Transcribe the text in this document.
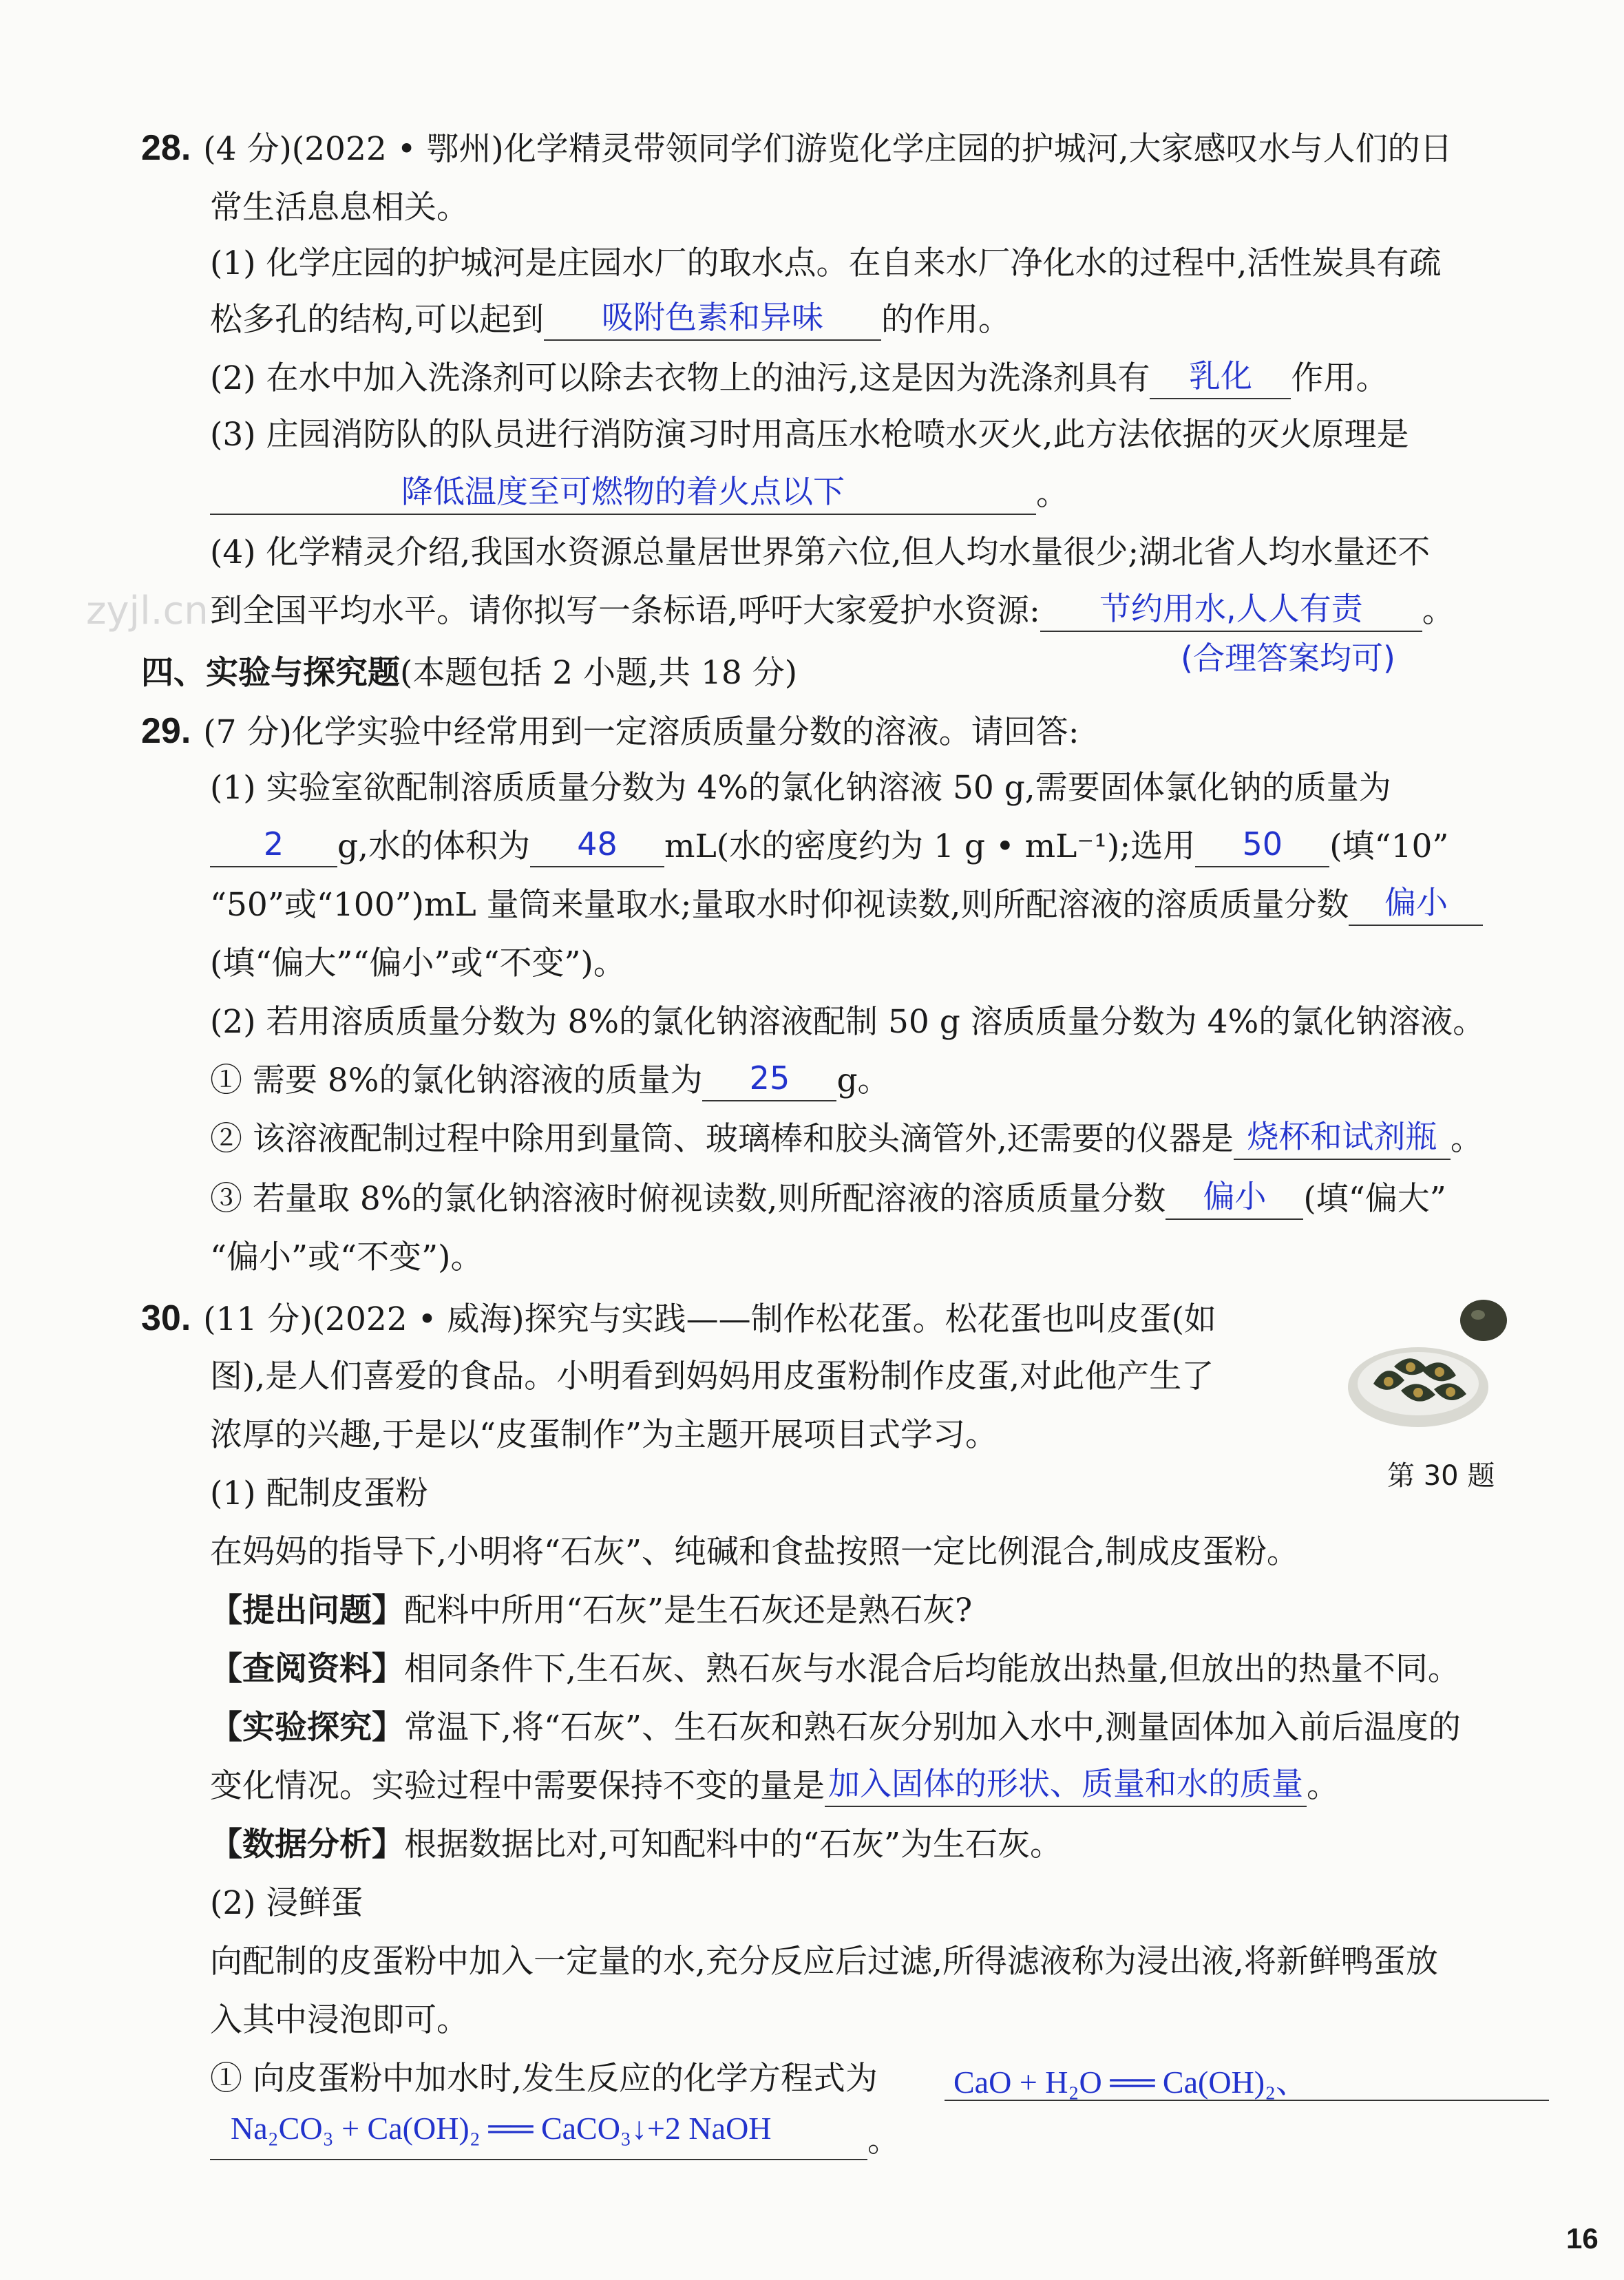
zyjl.cn
28. (4 分)(2022 • 鄂州)化学精灵带领同学们游览化学庄园的护城河,大家感叹水与人们的日
常生活息息相关。
(1) 化学庄园的护城河是庄园水厂的取水点。在自来水厂净化水的过程中,活性炭具有疏
松多孔的结构,可以起到	吸附色素和异味	的作用。
(2) 在水中加入洗涤剂可以除去衣物上的油污,这是因为洗涤剂具有	乳化	作用。
(3) 庄园消防队的队员进行消防演习时用高压水枪喷水灭火,此方法依据的灭火原理是
降低温度至可燃物的着火点以下	。
(4) 化学精灵介绍,我国水资源总量居世界第六位,但人均水量很少;湖北省人均水量还不
到全国平均水平。请你拟写一条标语,呼吁大家爱护水资源:	节约用水,人人有责	。
(合理答案均可)
四、实验与探究题(本题包括 2 小题,共 18 分)
29. (7 分)化学实验中经常用到一定溶质质量分数的溶液。请回答:
(1) 实验室欲配制溶质质量分数为 4%的氯化钠溶液 50 g,需要固体氯化钠的质量为
2	g,水的体积为	48	mL(水的密度约为 1 g • mL⁻¹);选用	50	(填“10”
“50”或“100”)mL 量筒来量取水;量取水时仰视读数,则所配溶液的溶质质量分数	偏小
(填“偏大”“偏小”或“不变”)。
(2) 若用溶质质量分数为 8%的氯化钠溶液配制 50 g 溶质质量分数为 4%的氯化钠溶液。
① 需要 8%的氯化钠溶液的质量为	25	g。
② 该溶液配制过程中除用到量筒、玻璃棒和胶头滴管外,还需要的仪器是 烧杯和试剂瓶 。
③ 若量取 8%的氯化钠溶液时俯视读数,则所配溶液的溶质质量分数	偏小	(填“偏大”
“偏小”或“不变”)。
30. (11 分)(2022 • 威海)探究与实践——制作松花蛋。松花蛋也叫皮蛋(如
图),是人们喜爱的食品。小明看到妈妈用皮蛋粉制作皮蛋,对此他产生了
浓厚的兴趣,于是以“皮蛋制作”为主题开展项目式学习。
第 30 题
(1) 配制皮蛋粉
在妈妈的指导下,小明将“石灰”、纯碱和食盐按照一定比例混合,制成皮蛋粉。
【提出问题】配料中所用“石灰”是生石灰还是熟石灰?
【查阅资料】相同条件下,生石灰、熟石灰与水混合后均能放出热量,但放出的热量不同。
【实验探究】常温下,将“石灰”、生石灰和熟石灰分别加入水中,测量固体加入前后温度的
变化情况。实验过程中需要保持不变的量是 加入固体的形状、质量和水的质量 。
【数据分析】根据数据比对,可知配料中的“石灰”为生石灰。
(2) 浸鲜蛋
向配制的皮蛋粉中加入一定量的水,充分反应后过滤,所得滤液称为浸出液,将新鲜鸭蛋放
入其中浸泡即可。
① 向皮蛋粉中加水时,发生反应的化学方程式为 CaO + H₂O ══ Ca(OH)₂、
Na₂CO₃ + Ca(OH)₂ ══ CaCO₃↓+2 NaOH	。
16
